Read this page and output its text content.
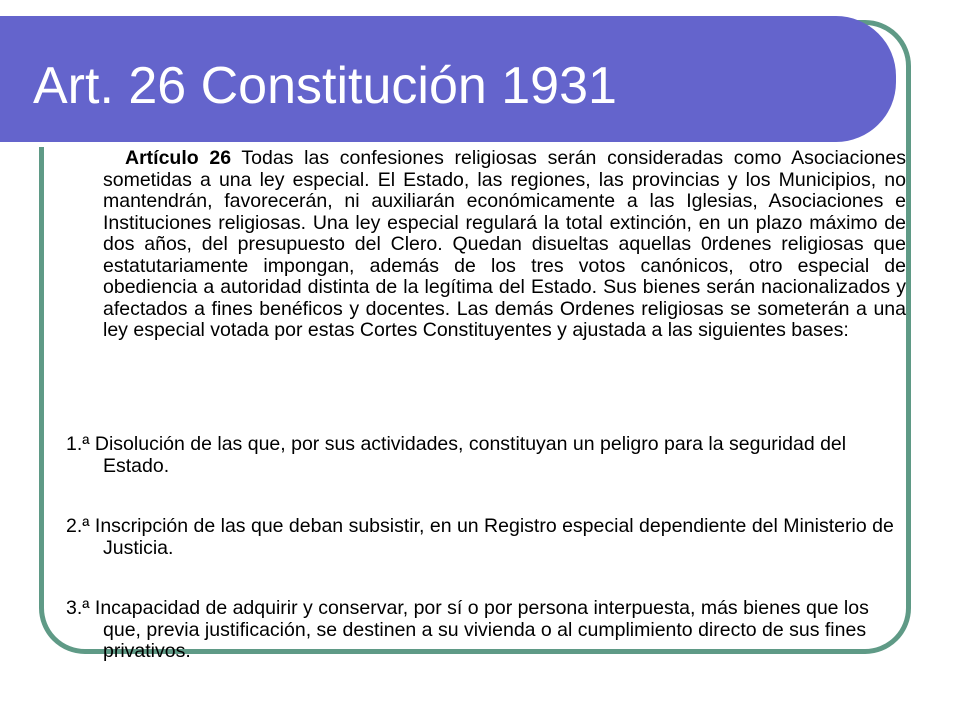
Art. 26 Constitución 1931
Artículo 26 Todas las confesiones religiosas serán consideradas como Asociaciones sometidas a una ley especial. El Estado, las regiones, las provincias y los Municipios, no mantendrán, favorecerán, ni auxiliarán económicamente a las Iglesias, Asociaciones e Instituciones religiosas. Una ley especial regulará la total extinción, en un plazo máximo de dos años, del presupuesto del Clero. Quedan disueltas aquellas 0rdenes religiosas que estatutariamente impongan, además de los tres votos canónicos, otro especial de obediencia a autoridad distinta de la legítima del Estado. Sus bienes serán nacionalizados y afectados a fines benéficos y docentes. Las demás Ordenes religiosas se someterán a una ley especial votada por estas Cortes Constituyentes y ajustada a las siguientes bases:
1.ª Disolución de las que, por sus actividades, constituyan un peligro para la seguridad del Estado.
2.ª Inscripción de las que deban subsistir, en un Registro especial dependiente del Ministerio de Justicia.
3.ª Incapacidad de adquirir y conservar, por sí o por persona interpuesta, más bienes que los que, previa justificación, se destinen a su vivienda o al cumplimiento directo de sus fines privativos.
